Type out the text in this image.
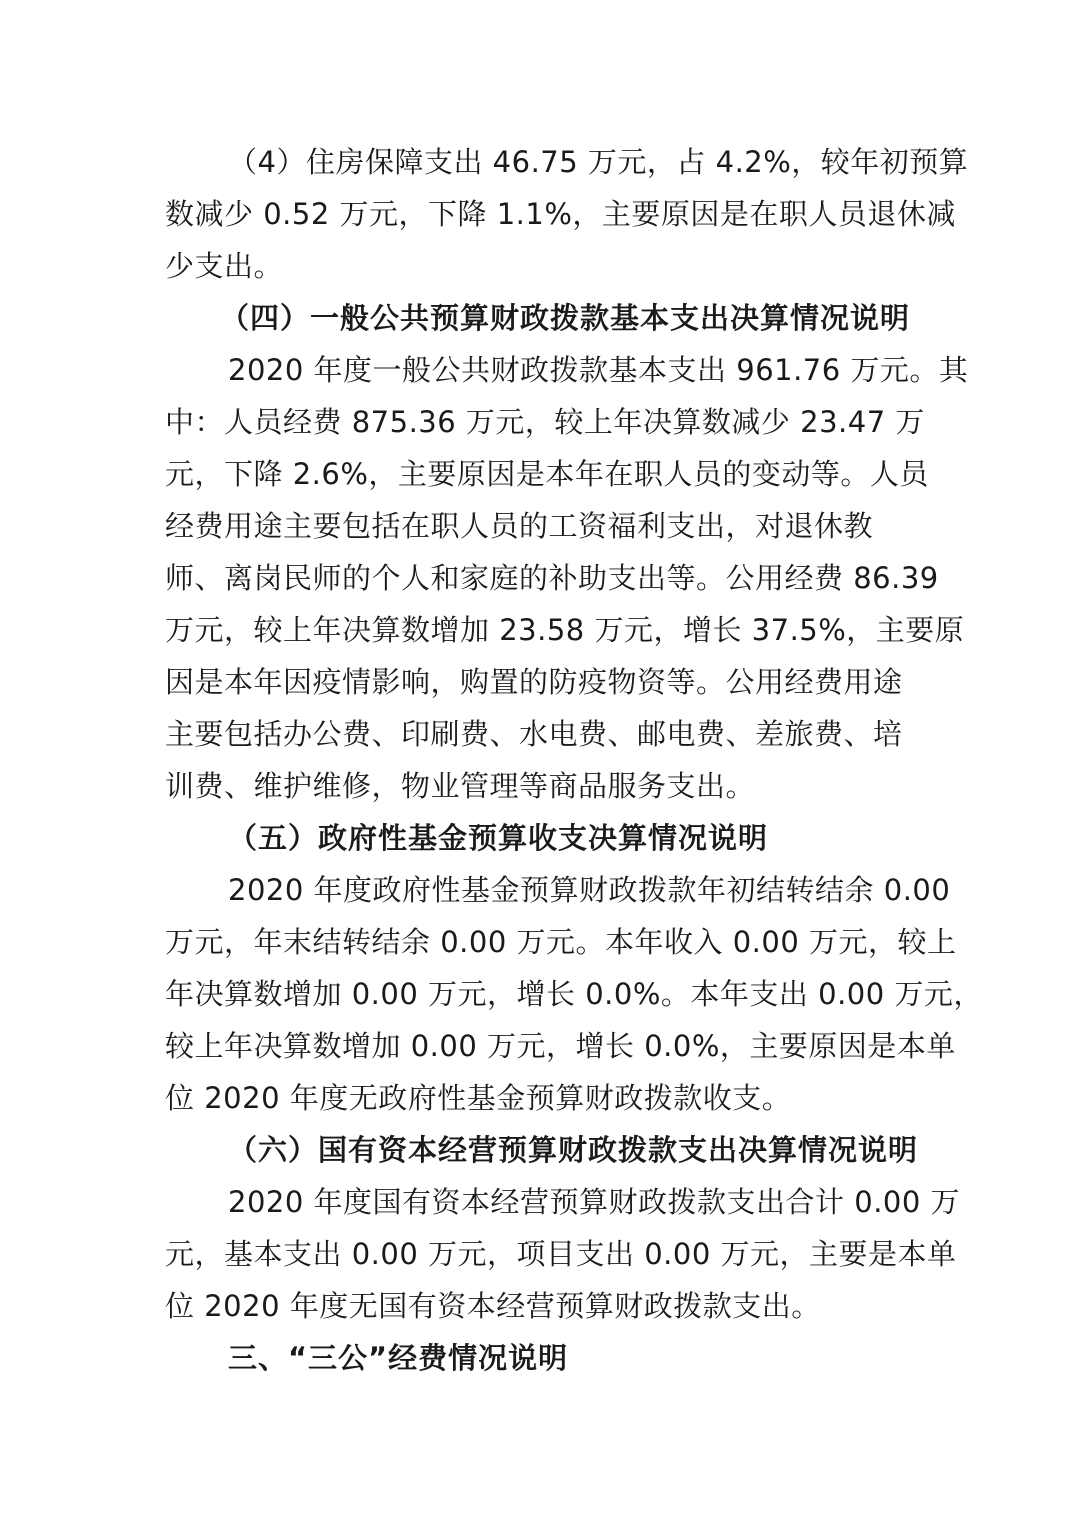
（4）住房保障支出 46.75 万元，占 4.2%，较年初预算
数减少 0.52 万元，下降 1.1%，主要原因是在职人员退休减
少支出。
（四）一般公共预算财政拨款基本支出决算情况说明
2020 年度一般公共财政拨款基本支出 961.76 万元。其
中：人员经费 875.36 万元，较上年决算数减少 23.47 万
元，下降 2.6%，主要原因是本年在职人员的变动等。人员
经费用途主要包括在职人员的工资福利支出，对退休教
师、离岗民师的个人和家庭的补助支出等。公用经费 86.39
万元，较上年决算数增加 23.58 万元，增长 37.5%，主要原
因是本年因疫情影响，购置的防疫物资等。公用经费用途
主要包括办公费、印刷费、水电费、邮电费、差旅费、培
训费、维护维修，物业管理等商品服务支出。
（五）政府性基金预算收支决算情况说明
2020 年度政府性基金预算财政拨款年初结转结余 0.00
万元，年末结转结余 0.00 万元。本年收入 0.00 万元，较上
年决算数增加 0.00 万元，增长 0.0%。本年支出 0.00 万元，
较上年决算数增加 0.00 万元，增长 0.0%，主要原因是本单
位 2020 年度无政府性基金预算财政拨款收支。
（六）国有资本经营预算财政拨款支出决算情况说明
2020 年度国有资本经营预算财政拨款支出合计 0.00 万
元，基本支出 0.00 万元，项目支出 0.00 万元，主要是本单
位 2020 年度无国有资本经营预算财政拨款支出。
三、“三公”经费情况说明
